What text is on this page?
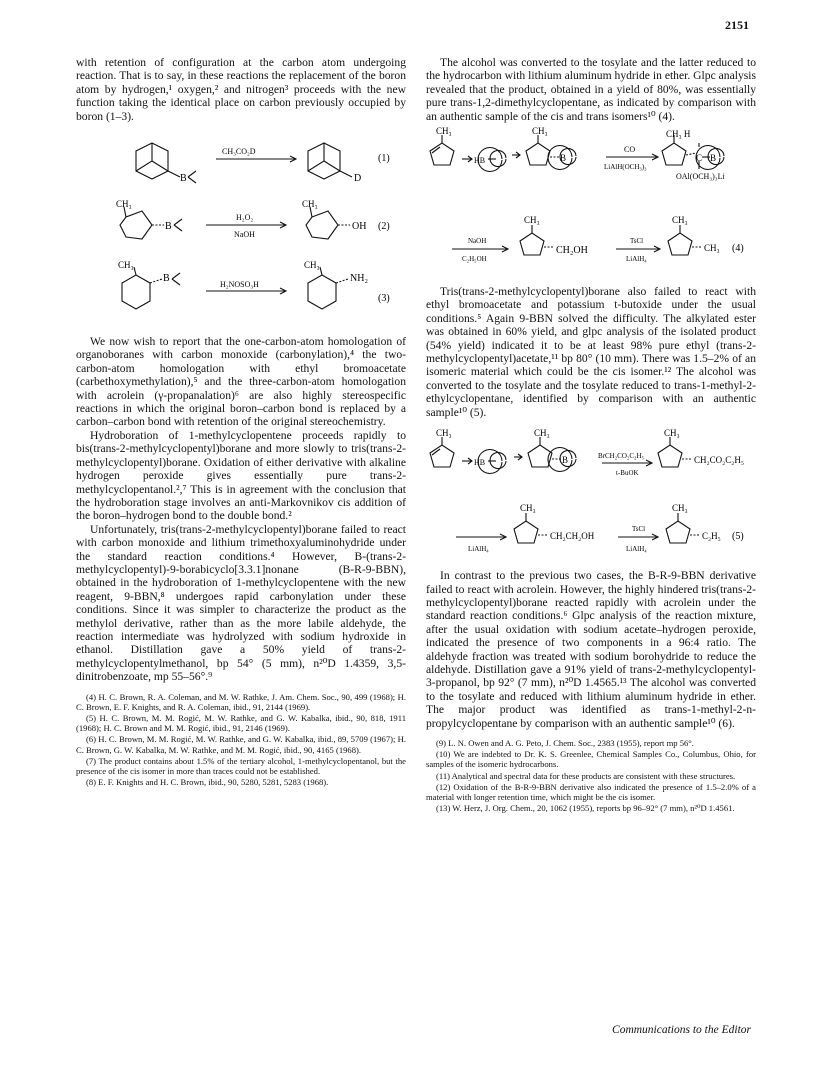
2151

with retention of configuration at the carbon atom undergoing reaction. That is to say, in these reactions the replacement of the boron atom by hydrogen,¹ oxygen,² and nitrogen³ proceeds with the new function taking the identical place on carbon previously occupied by boron (1–3).

B
CH₃CO₂D
D
(1)
CH₃
B
H₂O₂
NaOH
CH₃
OH (2)
CH₃
B
H₂NOSO₃H
CH₃
NH₂
(3)

We now wish to report that the one-carbon-atom homologation of organoboranes with carbon monoxide (carbonylation),⁴ the two-carbon-atom homologation with ethyl bromoacetate (carbethoxymethylation),⁵ and the three-carbon-atom homologation with acrolein (γ-propanalation)⁶ are also highly stereospecific reactions in which the original boron–carbon bond is replaced by a carbon–carbon bond with retention of the original stereochemistry.

Hydroboration of 1-methylcyclopentene proceeds rapidly to bis(trans-2-methylcyclopentyl)borane and more slowly to tris(trans-2-methylcyclopentyl)borane. Oxidation of either derivative with alkaline hydrogen peroxide gives essentially pure trans-2-methylcyclopentanol.²,⁷ This is in agreement with the conclusion that the hydroboration stage involves an anti-Markovnikov cis addition of the boron–hydrogen bond to the double bond.²

Unfortunately, tris(trans-2-methylcyclopentyl)borane failed to react with carbon monoxide and lithium trimethoxyaluminohydride under the standard reaction conditions.⁴ However, B-(trans-2-methylcyclopentyl)-9-borabicyclo[3.3.1]nonane (B-R-9-BBN), obtained in the hydroboration of 1-methylcyclopentene with the new reagent, 9-BBN,⁸ undergoes rapid carbonylation under these conditions. Since it was simpler to characterize the product as the methylol derivative, rather than as the more labile aldehyde, the reaction intermediate was hydrolyzed with sodium hydroxide in ethanol. Distillation gave a 50% yield of trans-2-methylcyclopentylmethanol, bp 54° (5 mm), n²⁰D 1.4359, 3,5-dinitrobenzoate, mp 55–56°.⁹

(4) H. C. Brown, R. A. Coleman, and M. W. Rathke, J. Am. Chem. Soc., 90, 499 (1968); H. C. Brown, E. F. Knights, and R. A. Coleman, ibid., 91, 2144 (1969).

(5) H. C. Brown, M. M. Rogić, M. W. Rathke, and G. W. Kabalka, ibid., 90, 818, 1911 (1968); H. C. Brown and M. M. Rogić, ibid., 91, 2146 (1969).

(6) H. C. Brown, M. M. Rogić, M. W. Rathke, and G. W. Kabalka, ibid., 89, 5709 (1967); H. C. Brown, G. W. Kabalka, M. W. Rathke, and M. M. Rogić, ibid., 90, 4165 (1968).

(7) The product contains about 1.5% of the tertiary alcohol, 1-methylcyclopentanol, but the presence of the cis isomer in more than traces could not be established.

(8) E. F. Knights and H. C. Brown, ibid., 90, 5280, 5281, 5283 (1968).

The alcohol was converted to the tosylate and the latter reduced to the hydrocarbon with lithium aluminum hydride in ether. Glpc analysis revealed that the product, obtained in a yield of 80%, was essentially pure trans-1,2-dimethylcyclopentane, as indicated by comparison with an authentic sample of the cis and trans isomers¹⁰ (4).

CH₃
HB
CH₃
B
CO
LiAlH(OCH₃)₃
CH₃ H
C B
OAl(OCH₃)₃Li
NaOH
C₂H₅OH
CH₃
CH₂OH
TsCl
LiAlH₄
CH₃
CH₃ (4)

Tris(trans-2-methylcyclopentyl)borane also failed to react with ethyl bromoacetate and potassium t-butoxide under the usual conditions.⁵ Again 9-BBN solved the difficulty. The alkylated ester was obtained in 60% yield, and glpc analysis of the isolated product (54% yield) indicated it to be at least 98% pure ethyl (trans-2-methylcyclopentyl)acetate,¹¹ bp 80° (10 mm). There was 1.5–2% of an isomeric material which could be the cis isomer.¹² The alcohol was converted to the tosylate and the tosylate reduced to trans-1-methyl-2-ethylcyclopentane, identified by comparison with an authentic sample¹⁰ (5).

CH₃
HB
CH₃
B	BrCH₂CO₂C₂H₅
t-BuOK
CH₃
CH₂CO₂C₂H₅
LiAlH₄
CH₃
CH₂CH₂OH
TsCl
LiAlH₄
CH₃
C₂H₅ (5)

In contrast to the previous two cases, the B-R-9-BBN derivative failed to react with acrolein. However, the highly hindered tris(trans-2-methylcyclopentyl)borane reacted rapidly with acrolein under the standard reaction conditions.⁶ Glpc analysis of the reaction mixture, after the usual oxidation with sodium acetate–hydrogen peroxide, indicated the presence of two components in a 96:4 ratio. The aldehyde fraction was treated with sodium borohydride to reduce the aldehyde. Distillation gave a 91% yield of trans-2-methylcyclopentyl-3-propanol, bp 92° (7 mm), n²⁰D 1.4565.¹³ The alcohol was converted to the tosylate and reduced with lithium aluminum hydride in ether. The major product was identified as trans-1-methyl-2-n-propylcyclopentane by comparison with an authentic sample¹⁰ (6).

(9) L. N. Owen and A. G. Peto, J. Chem. Soc., 2383 (1955), report mp 56°.

(10) We are indebted to Dr. K. S. Greenlee, Chemical Samples Co., Columbus, Ohio, for samples of the isomeric hydrocarbons.

(11) Analytical and spectral data for these products are consistent with these structures.

(12) Oxidation of the B-R-9-BBN derivative also indicated the presence of 1.5–2.0% of a material with longer retention time, which might be the cis isomer.

(13) W. Herz, J. Org. Chem., 20, 1062 (1955), reports bp 96–92° (7 mm), n²⁰D 1.4561.

Communications to the Editor
